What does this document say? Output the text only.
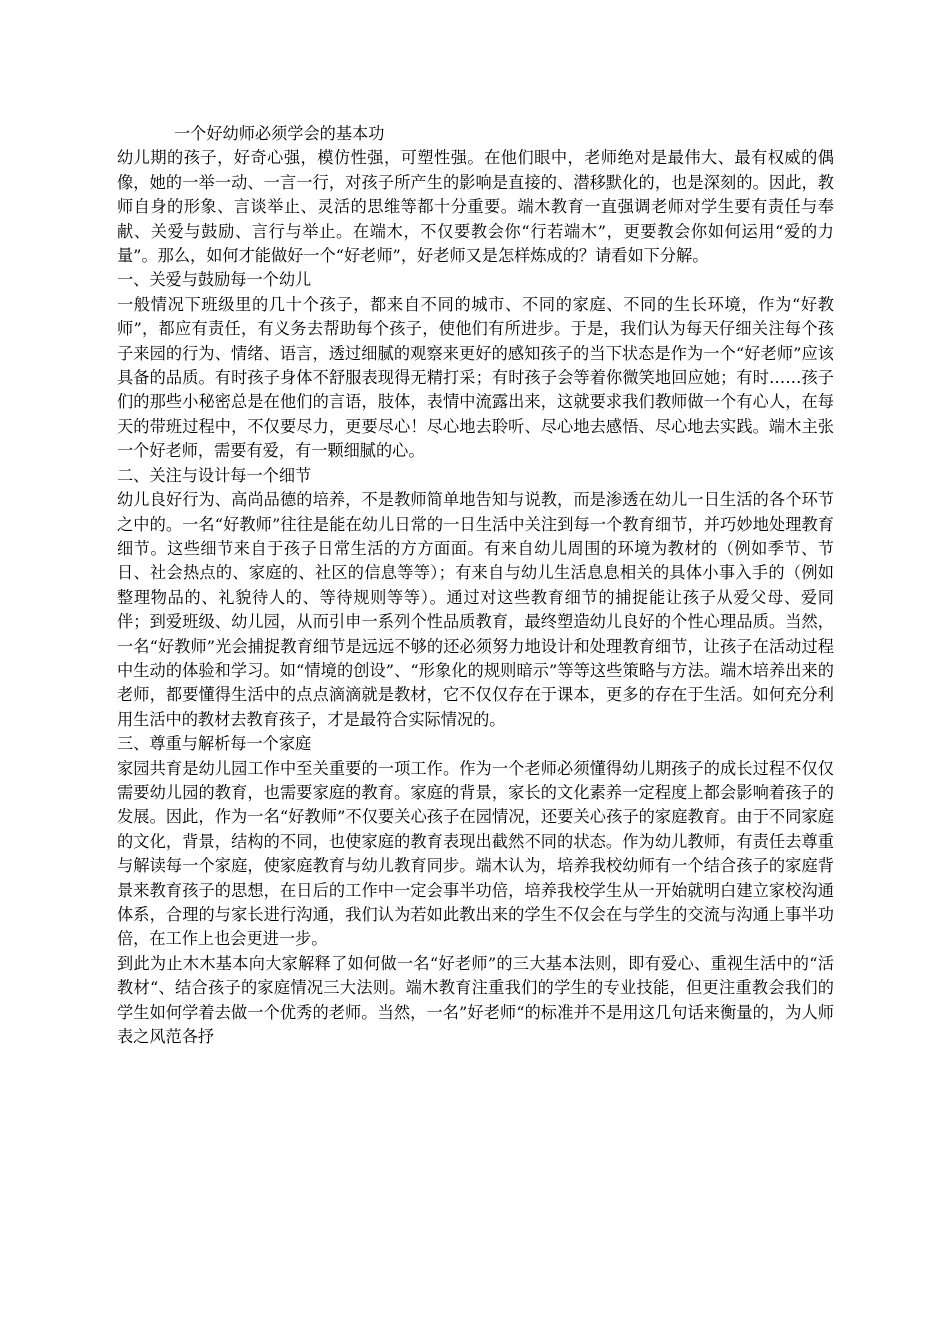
一个好幼师必须学会的基本功

幼儿期的孩子，好奇心强，模仿性强，可塑性强。在他们眼中，老师绝对是最伟大、最有权威的偶像，她的一举一动、一言一行，对孩子所产生的影响是直接的、潜移默化的，也是深刻的。因此，教师自身的形象、言谈举止、灵活的思维等都十分重要。端木教育一直强调老师对学生要有责任与奉献、关爱与鼓励、言行与举止。在端木，不仅要教会你“行若端木”，更要教会你如何运用“爱的力量”。那么，如何才能做好一个“好老师”，好老师又是怎样炼成的？请看如下分解。

一、关爱与鼓励每一个幼儿

一般情况下班级里的几十个孩子，都来自不同的城市、不同的家庭、不同的生长环境，作为“好教师”，都应有责任，有义务去帮助每个孩子，使他们有所进步。于是，我们认为每天仔细关注每个孩子来园的行为、情绪、语言，透过细腻的观察来更好的感知孩子的当下状态是作为一个“好老师”应该具备的品质。有时孩子身体不舒服表现得无精打采；有时孩子会等着你微笑地回应她；有时……孩子们的那些小秘密总是在他们的言语，肢体，表情中流露出来，这就要求我们教师做一个有心人，在每天的带班过程中，不仅要尽力，更要尽心！尽心地去聆听、尽心地去感悟、尽心地去实践。端木主张一个好老师，需要有爱，有一颗细腻的心。

二、关注与设计每一个细节

幼儿良好行为、高尚品德的培养，不是教师简单地告知与说教，而是渗透在幼儿一日生活的各个环节之中的。一名“好教师”往往是能在幼儿日常的一日生活中关注到每一个教育细节，并巧妙地处理教育细节。这些细节来自于孩子日常生活的方方面面。有来自幼儿周围的环境为教材的（例如季节、节日、社会热点的、家庭的、社区的信息等等）；有来自与幼儿生活息息相关的具体小事入手的（例如整理物品的、礼貌待人的、等待规则等等）。通过对这些教育细节的捕捉能让孩子从爱父母、爱同伴；到爱班级、幼儿园，从而引申一系列个性品质教育，最终塑造幼儿良好的个性心理品质。当然，一名“好教师”光会捕捉教育细节是远远不够的还必须努力地设计和处理教育细节，让孩子在活动过程中生动的体验和学习。如“情境的创设”、“形象化的规则暗示”等等这些策略与方法。端木培养出来的老师，都要懂得生活中的点点滴滴就是教材，它不仅仅存在于课本，更多的存在于生活。如何充分利用生活中的教材去教育孩子，才是最符合实际情况的。

三、尊重与解析每一个家庭

家园共育是幼儿园工作中至关重要的一项工作。作为一个老师必须懂得幼儿期孩子的成长过程不仅仅需要幼儿园的教育，也需要家庭的教育。家庭的背景，家长的文化素养一定程度上都会影响着孩子的发展。因此，作为一名“好教师”不仅要关心孩子在园情况，还要关心孩子的家庭教育。由于不同家庭的文化，背景，结构的不同，也使家庭的教育表现出截然不同的状态。作为幼儿教师，有责任去尊重与解读每一个家庭，使家庭教育与幼儿教育同步。端木认为，培养我校幼师有一个结合孩子的家庭背景来教育孩子的思想，在日后的工作中一定会事半功倍，培养我校学生从一开始就明白建立家校沟通体系，合理的与家长进行沟通，我们认为若如此教出来的学生不仅会在与学生的交流与沟通上事半功倍，在工作上也会更进一步。

到此为止木木基本向大家解释了如何做一名“好老师”的三大基本法则，即有爱心、重视生活中的“活教材“、结合孩子的家庭情况三大法则。端木教育注重我们的学生的专业技能，但更注重教会我们的学生如何学着去做一个优秀的老师。当然，一名”好老师“的标准并不是用这几句话来衡量的，为人师表之风范各抒
